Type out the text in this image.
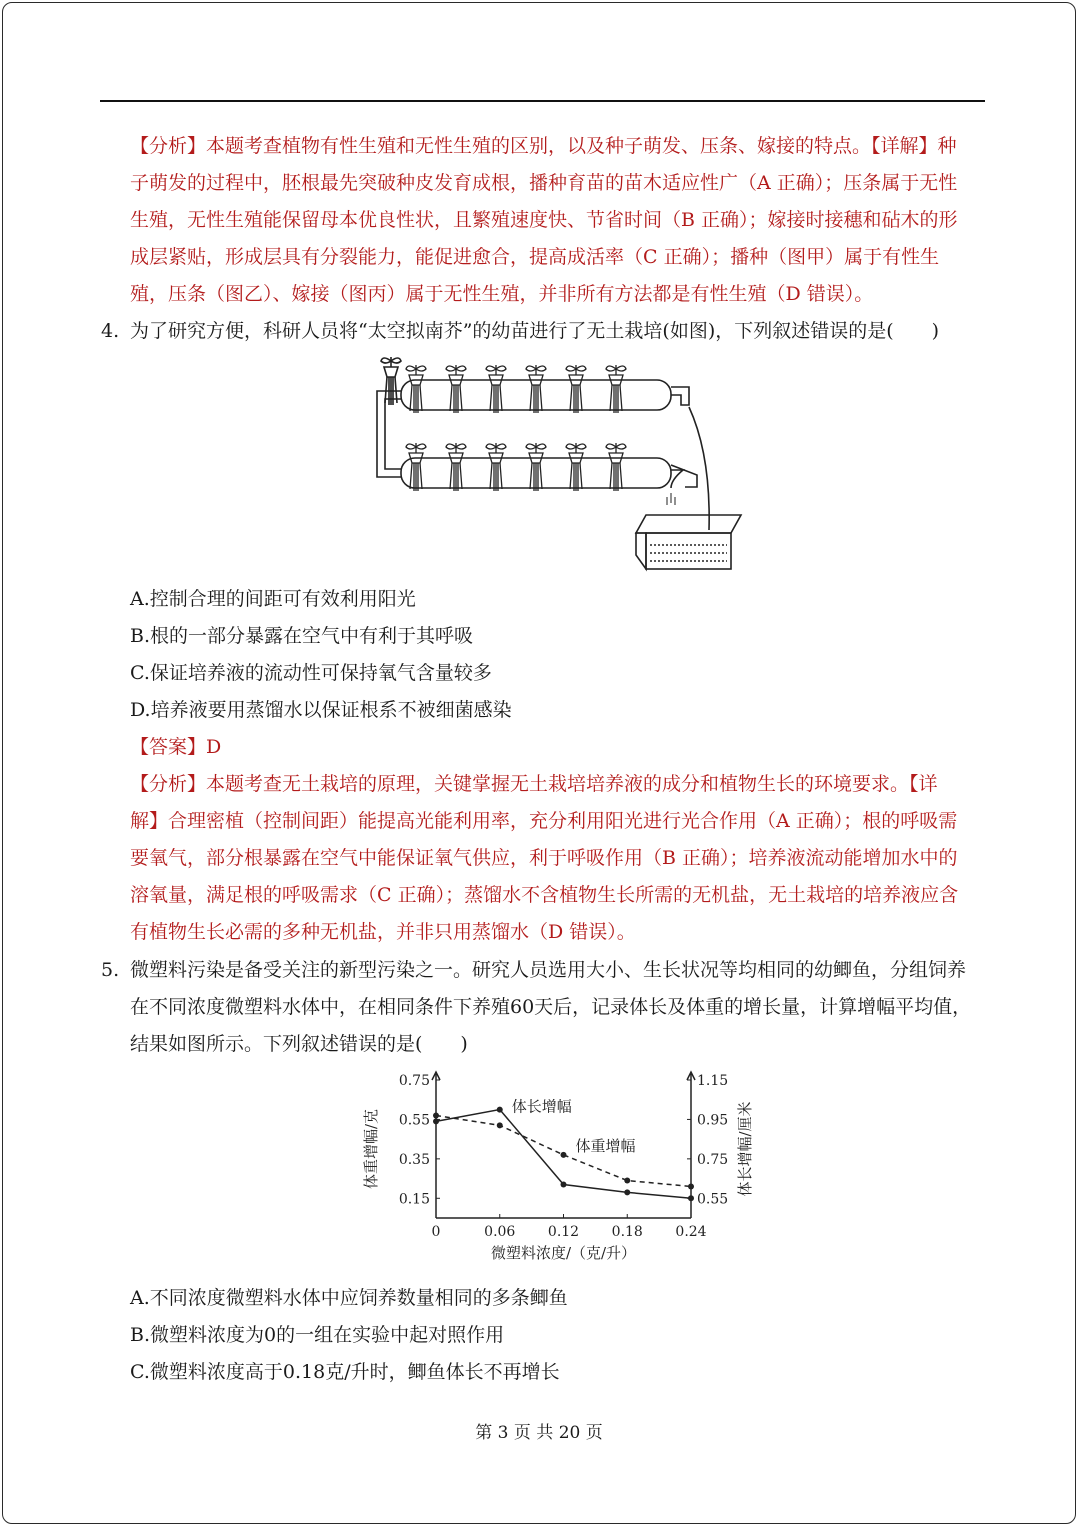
【分析】本题考查植物有性生殖和无性生殖的区别，以及种子萌发、压条、嫁接的特点。【详解】种
子萌发的过程中，胚根最先突破种皮发育成根，播种育苗的苗木适应性广（A 正确）；压条属于无性
生殖，无性生殖能保留母本优良性状，且繁殖速度快、节省时间（B 正确）；嫁接时接穗和砧木的形
成层紧贴，形成层具有分裂能力，能促进愈合，提高成活率（C 正确）；播种（图甲）属于有性生
殖，压条（图乙）、嫁接（图丙）属于无性生殖，并非所有方法都是有性生殖（D 错误）。
4. 为了研究方便，科研人员将“太空拟南芥”的幼苗进行了无土栽培(如图)，下列叙述错误的是(　　)
A.控制合理的间距可有效利用阳光
B.根的一部分暴露在空气中有利于其呼吸
C.保证培养液的流动性可保持氧气含量较多
D.培养液要用蒸馏水以保证根系不被细菌感染
【答案】D
【分析】本题考查无土栽培的原理，关键掌握无土栽培培养液的成分和植物生长的环境要求。【详
解】合理密植（控制间距）能提高光能利用率，充分利用阳光进行光合作用（A 正确）；根的呼吸需
要氧气，部分根暴露在空气中能保证氧气供应，利于呼吸作用（B 正确）；培养液流动能增加水中的
溶氧量，满足根的呼吸需求（C 正确）；蒸馏水不含植物生长所需的无机盐，无土栽培的培养液应含
有植物生长必需的多种无机盐，并非只用蒸馏水（D 错误）。
5. 微塑料污染是备受关注的新型污染之一。研究人员选用大小、生长状况等均相同的幼鲫鱼，分组饲养
在不同浓度微塑料水体中，在相同条件下养殖60天后，记录体长及体重的增长量，计算增幅平均值，
结果如图所示。下列叙述错误的是(　　)
0	0.06 0.12 0.18 0.24
0.75
0.55
0.35
0.15
1.15
0.95
0.75
0.55
微塑料浓度/（克/升）
体重增幅/克	体长增幅/厘米
体长增幅
体重增幅
A.不同浓度微塑料水体中应饲养数量相同的多条鲫鱼
B.微塑料浓度为0的一组在实验中起对照作用
C.微塑料浓度高于0.18克/升时，鲫鱼体长不再增长
第 3 页 共 20 页
